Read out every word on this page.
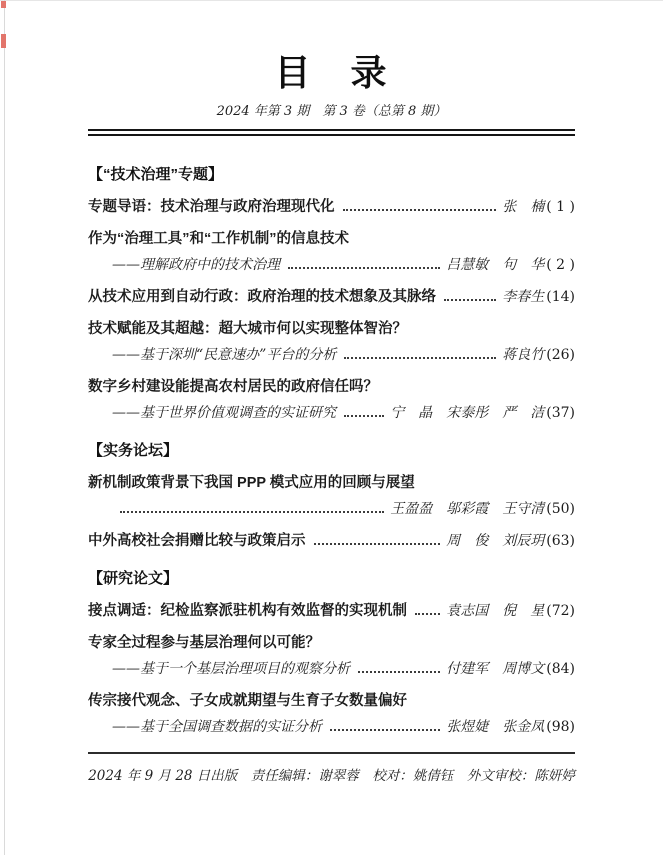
目　录
2024 年第 3 期　第 3 卷（总第 8 期）
【“技术治理”专题】
专题导语：技术治理与政府治理现代化	张　楠 ( 1 )
作为“治理工具”和“工作机制”的信息技术
——理解政府中的技术治理	吕慧敏　句　华 ( 2 )
从技术应用到自动行政：政府治理的技术想象及其脉络	李春生 (14)
技术赋能及其超越：超大城市何以实现整体智治？
——基于深圳“民意速办”平台的分析	蒋良竹 (26)
数字乡村建设能提高农村居民的政府信任吗？
——基于世界价值观调查的实证研究	宁　晶　宋泰彤　严　洁 (37)
【实务论坛】
新机制政策背景下我国 PPP 模式应用的回顾与展望
王盈盈　邬彩霞　王守清 (50)
中外高校社会捐赠比较与政策启示	周　俊　刘辰玥 (63)
【研究论文】
接点调适：纪检监察派驻机构有效监督的实现机制	袁志国　倪　星 (72)
专家全过程参与基层治理何以可能？
——基于一个基层治理项目的观察分析	付建军　周博文 (84)
传宗接代观念、子女成就期望与生育子女数量偏好
——基于全国调查数据的实证分析	张煜婕　张金凤 (98)
2024 年 9 月 28 日出版　责任编辑：谢翠蓉　校对：姚倩钰　外文审校：陈妍婷
